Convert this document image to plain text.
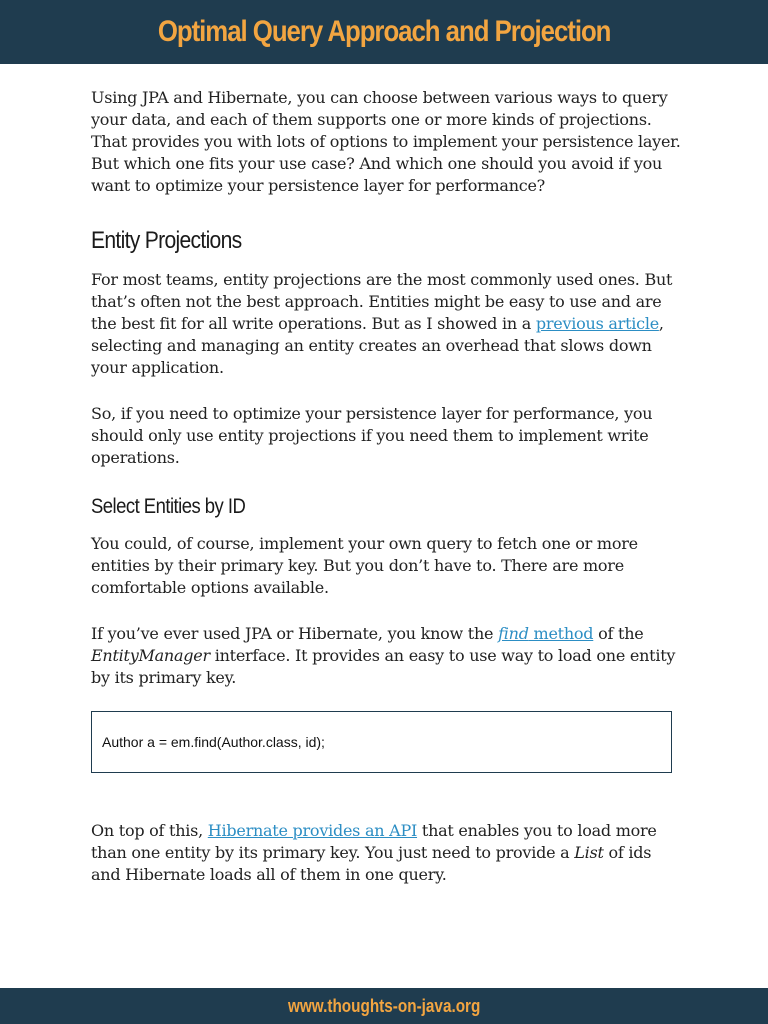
Optimal Query Approach and Projection

Using JPA and Hibernate, you can choose between various ways to query your data, and each of them supports one or more kinds of projections. That provides you with lots of options to implement your persistence layer. But which one fits your use case? And which one should you avoid if you want to optimize your persistence layer for performance?

Entity Projections

For most teams, entity projections are the most commonly used ones. But that’s often not the best approach. Entities might be easy to use and are the best fit for all write operations. But as I showed in a previous article, selecting and managing an entity creates an overhead that slows down your application.

So, if you need to optimize your persistence layer for performance, you should only use entity projections if you need them to implement write operations.

Select Entities by ID

You could, of course, implement your own query to fetch one or more entities by their primary key. But you don’t have to. There are more comfortable options available.

If you’ve ever used JPA or Hibernate, you know the find method of the EntityManager interface. It provides an easy to use way to load one entity by its primary key.

Author a = em.find(Author.class, id);

On top of this, Hibernate provides an API that enables you to load more than one entity by its primary key. You just need to provide a List of ids and Hibernate loads all of them in one query.

www.thoughts-on-java.org
